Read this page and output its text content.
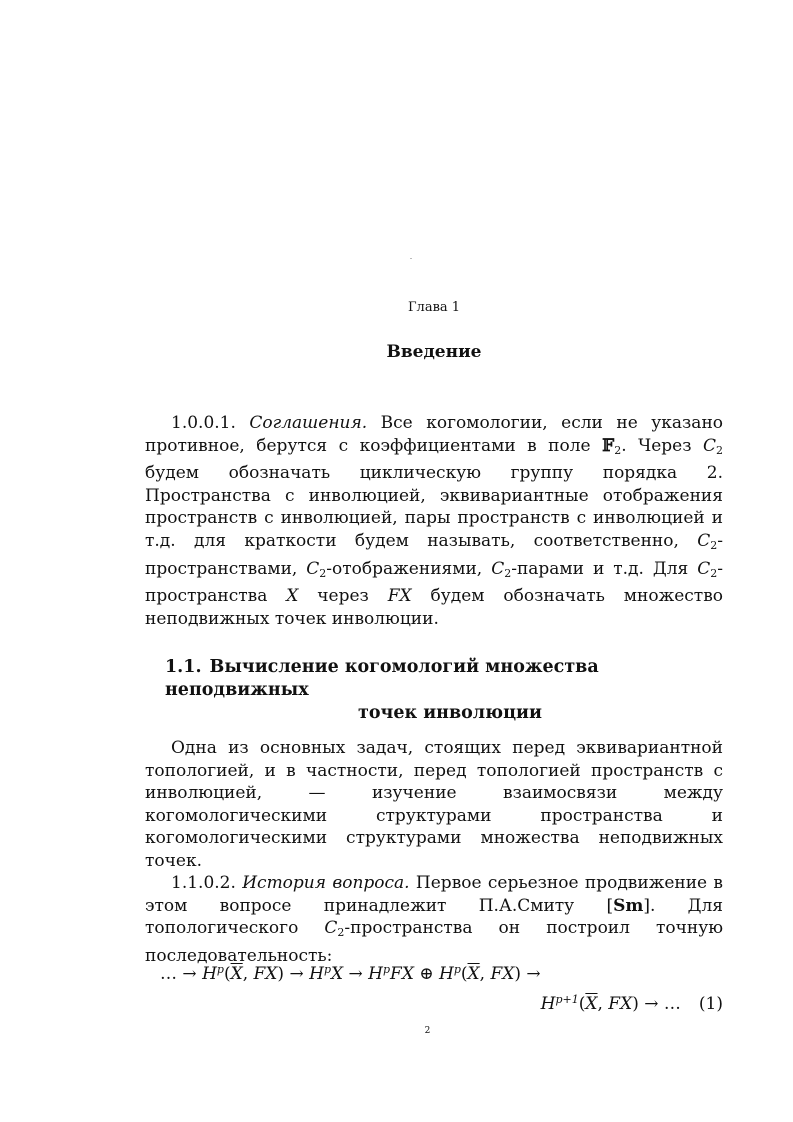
Глава 1
Введение
1.0.0.1. Соглашения. Все когомологии, если не указано противное, берутся с коэффициентами в поле 𝔽$_2$. Через $C_2$ будем обозначать циклическую группу порядка 2. Пространства с инволюцией, эквивариантные отображения пространств с инволюцией, пары пространств с инволюцией и т.д. для краткости будем называть, соответственно, $C_2$-пространствами, $C_2$-отображениями, $C_2$-парами и т.д. Для $C_2$-пространства X через FX будем обозначать множество неподвижных точек инволюции.
1.1. Вычисление когомологий множества неподвижных
точек инволюции
Одна из основных задач, стоящих перед эквивариантной топологией, и в частности, перед топологией пространств с инволюцией, — изучение взаимосвязи между когомологическими структурами пространства и когомологическими структурами множества неподвижных точек.
1.1.0.2. История вопроса. Первое серьезное продвижение в этом вопросе принадлежит П.А.Смиту [Sm]. Для топологического $C_2$-пространства он построил точную последовательность:
… → $H^p(\overline{X}$, $FX) \to H^pX \to H^pFX$ ⊕ $H^p(\overline{X}$, FX) →
$H^{p+1}(\overline{X}$, FX) → … (1)
2
